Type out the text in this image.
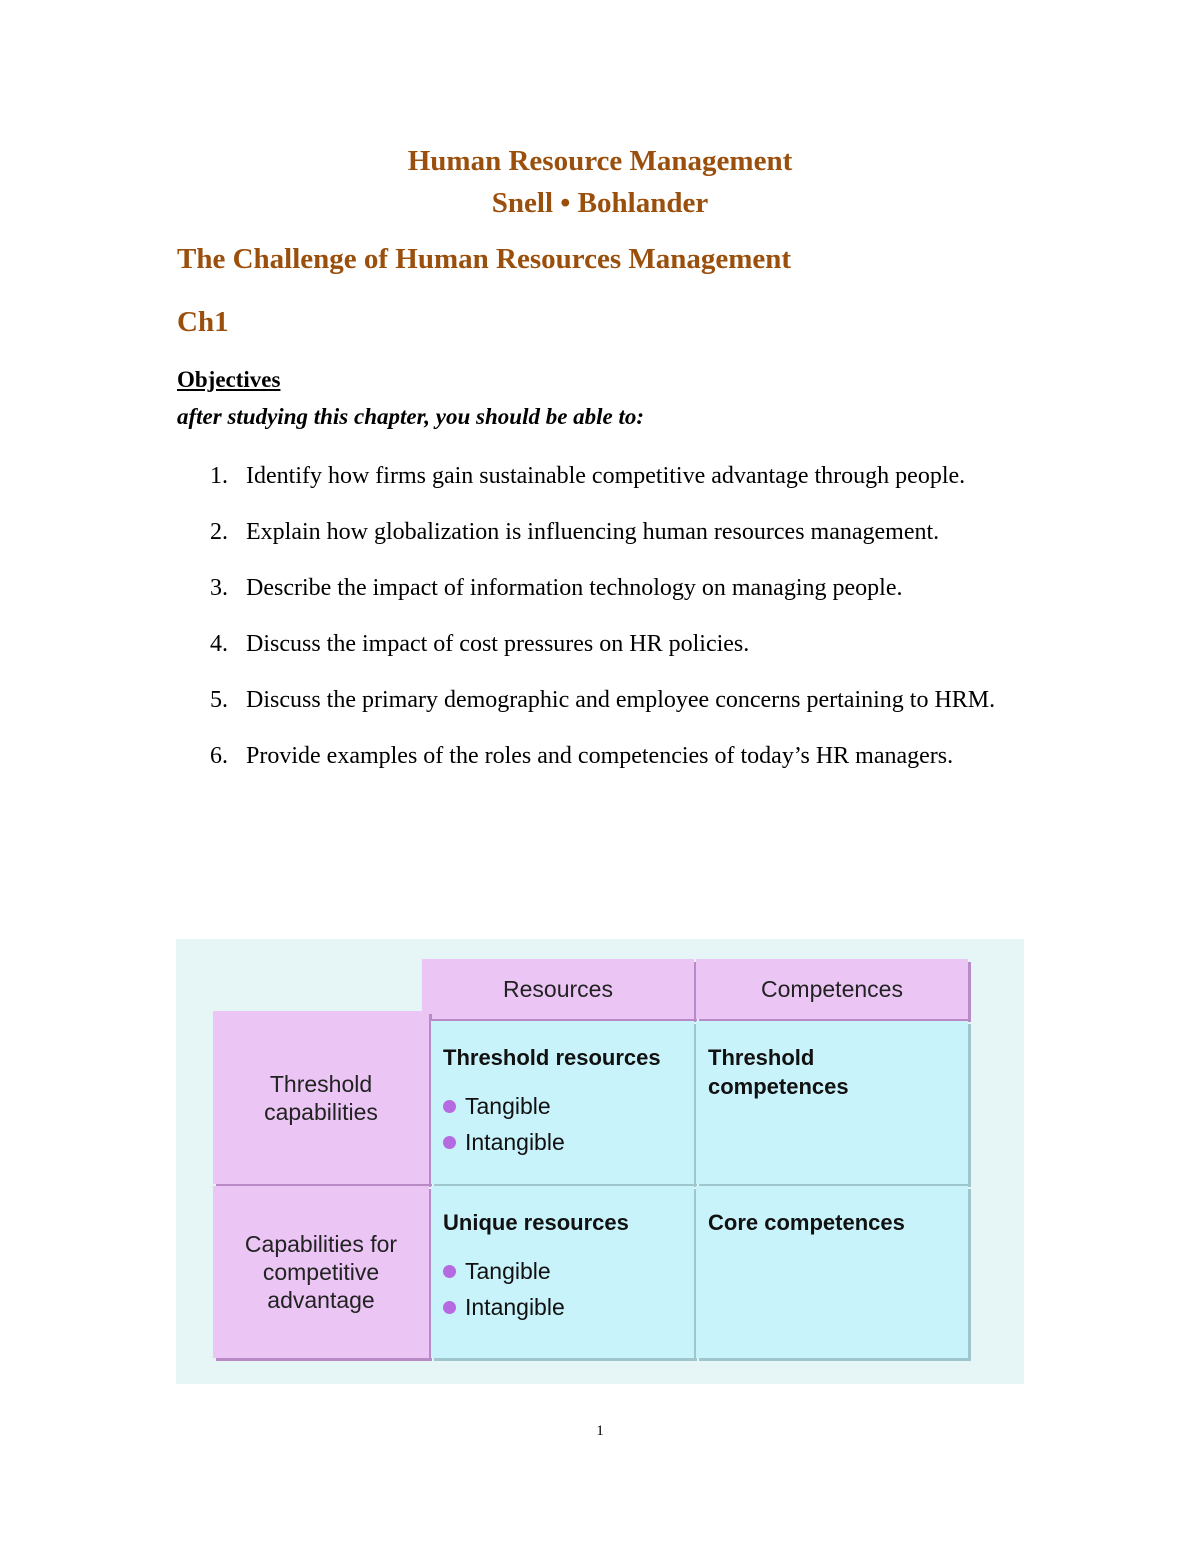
Human Resource Management
Snell • Bohlander
The Challenge of Human Resources Management
Ch1
Objectives
after studying this chapter, you should be able to:
1. Identify how firms gain sustainable competitive advantage through people.
2. Explain how globalization is influencing human resources management.
3. Describe the impact of information technology on managing people.
4. Discuss the impact of cost pressures on HR policies.
5. Discuss the primary demographic and employee concerns pertaining to HRM.
6. Provide examples of the roles and competencies of today’s HR managers.
Resources	Competences
Threshold capabilities
Capabilities for competitive advantage
Threshold resources
Tangible
Intangible
Threshold competences
Unique resources
Tangible
Intangible
Core competences
1
